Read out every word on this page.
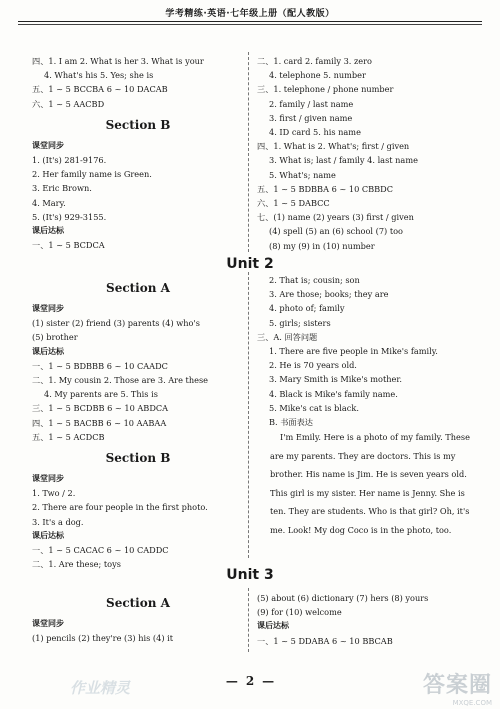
学考精练·英语·七年级上册（配人教版）
四、1. I am 2. What is her 3. What is your
4. What's his 5. Yes; she is
五、1 ~ 5 BCCBA 6 ~ 10 DACAB
六、1 ~ 5 AACBD
Section B
课堂同步
1. (It's) 281-9176.
2. Her family name is Green.
3. Eric Brown.
4. Mary.
5. (It's) 929-3155.
课后达标
一、1 ~ 5 BCDCA
二、1. card 2. family 3. zero
4. telephone 5. number
三、1. telephone / phone number
2. family / last name
3. first / given name
4. ID card 5. his name
四、1. What is 2. What's; first / given
3. What is; last / family 4. last name
5. What's; name
五、1 ~ 5 BDBBA 6 ~ 10 CBBDC
六、1 ~ 5 DABCC
七、(1) name (2) years (3) first / given
(4) spell (5) an (6) school (7) too
(8) my (9) in (10) number
Unit 2
Section A
课堂同步
(1) sister (2) friend (3) parents (4) who's
(5) brother
课后达标
一、1 ~ 5 BDBBB 6 ~ 10 CAADC
二、1. My cousin 2. Those are 3. Are these
4. My parents are 5. This is
三、1 ~ 5 BCDBB 6 ~ 10 ABDCA
四、1 ~ 5 BACBB 6 ~ 10 AABAA
五、1 ~ 5 ACDCB
Section B
课堂同步
1. Two / 2.
2. There are four people in the first photo.
3. It's a dog.
课后达标
一、1 ~ 5 CACAC 6 ~ 10 CADDC
二、1. Are these; toys
2. That is; cousin; son
3. Are those; books; they are
4. photo of; family
5. girls; sisters
三、A. 回答问题
1. There are five people in Mike's family.
2. He is 70 years old.
3. Mary Smith is Mike's mother.
4. Black is Mike's family name.
5. Mike's cat is black.
B. 书面表达
I'm Emily. Here is a photo of my family. These are my parents. They are doctors. This is my brother. His name is Jim. He is seven years old. This girl is my sister. Her name is Jenny. She is ten. They are students. Who is that girl? Oh, it's me. Look! My dog Coco is in the photo, too.
Unit 3
Section A
课堂同步
(1) pencils (2) they're (3) his (4) it
(5) about (6) dictionary (7) hers (8) yours
(9) for (10) welcome
课后达标
一、1 ~ 5 DDABA 6 ~ 10 BBCAB
— 2 —
作业精灵	答案圈
MXQE.COM
